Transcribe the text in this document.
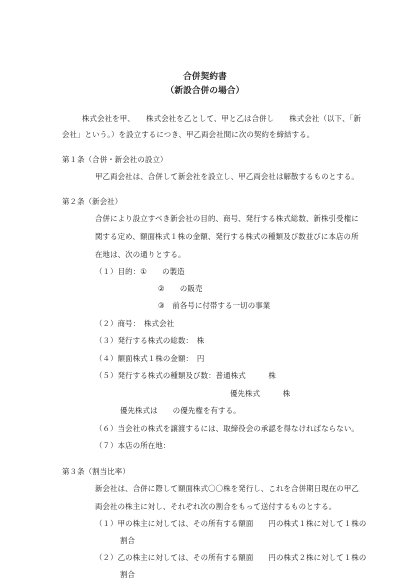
合併契約書
（新設合併の場合）
株式会社を甲、　　株式会社を乙として、甲と乙は合併し　　株式会社（以下、「新
会社」という。）を設立するにつき、甲乙両会社間に次の契約を締結する。
第１条（合併・新会社の設立）
甲乙両会社は、合併して新会社を設立し、甲乙両会社は解散するものとする。
第２条（新会社）
合併により設立すべき新会社の目的、商号、発行する株式総数、新株引受権に
関する定め、額面株式１株の金額、発行する株式の種類及び数並びに本店の所
在地は、次の通りとする。
（１）目的：①　　の製造
②　　の販売
③　前各号に付帯する一切の事業
（２）商号：　株式会社
（３）発行する株式の総数：　株
（４）額面株式１株の金額：　円
（５）発行する株式の種類及び数：普通株式　　　株
優先株式　　　株
優先株式は　　の優先権を有する。
（６）当会社の株式を譲渡するには、取締役会の承認を得なければならない。
（７）本店の所在地：
第３条（割当比率）
新会社は、合併に際して額面株式〇〇株を発行し、これを合併期日現在の甲乙
両会社の株主に対し、それぞれ次の割合をもって送付するものとする。
（１）甲の株主に対しては、その所有する額面　　円の株式１株に対して１株の
割合
（２）乙の株主に対しては、その所有する額面　　円の株式２株に対して１株の
割合
